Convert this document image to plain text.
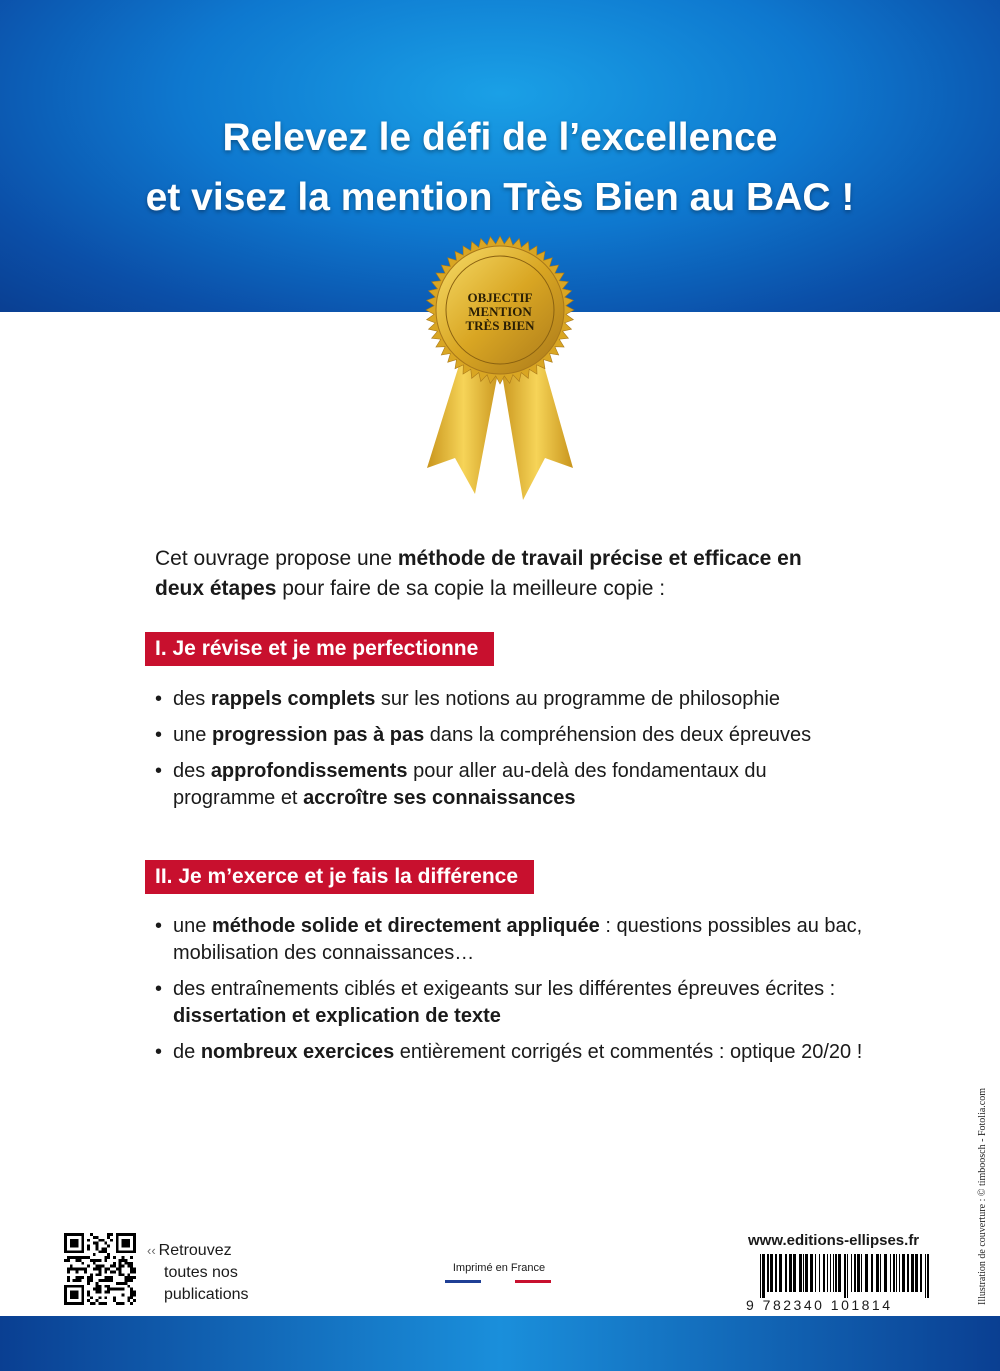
Relevez le défi de l’excellence
et visez la mention Très Bien au BAC !
OBJECTIF
MENTION
TRÈS BIEN
Cet ouvrage propose une méthode de travail précise et efficace en deux étapes pour faire de sa copie la meilleure copie :
I. Je révise et je me perfectionne
• des rappels complets sur les notions au programme de philosophie
• une progression pas à pas dans la compréhension des deux épreuves
• des approfondissements pour aller au-delà des fondamentaux du programme et accroître ses connaissances
II. Je m’exerce et je fais la différence
• une méthode solide et directement appliquée : questions possibles au bac, mobilisation des connaissances…
• des entraînements ciblés et exigeants sur les différentes épreuves écrites : dissertation et explication de texte
• de nombreux exercices entièrement corrigés et commentés : optique 20/20 !
‹‹ Retrouvez
toutes nos
publications
Imprimé en France
www.editions-ellipses.fr
9 782340 101814	Illustration de couverture : © timboosch - Fotolia.com
